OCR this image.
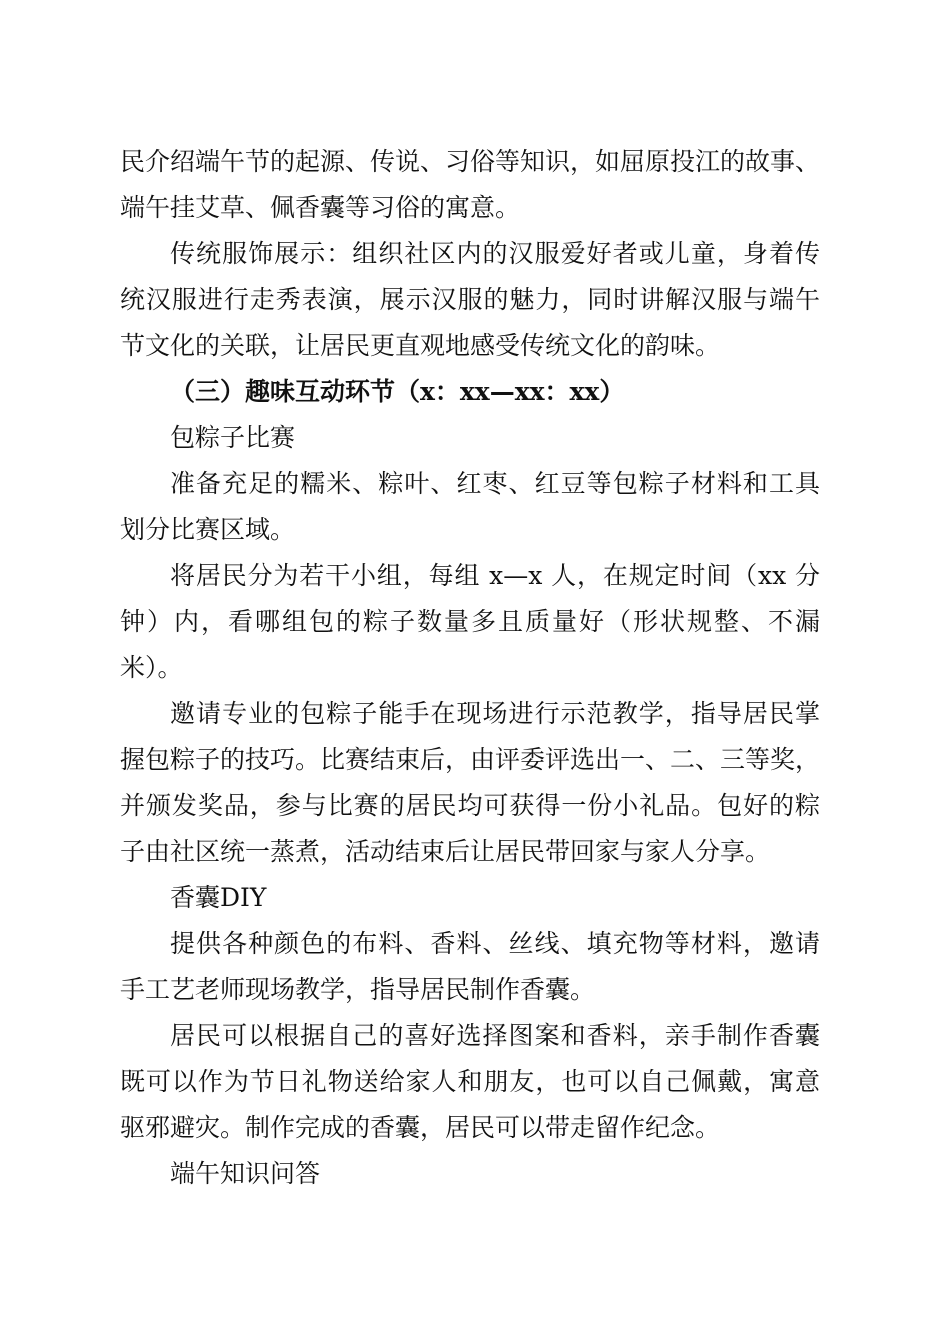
民介绍端午节的起源、传说、习俗等知识，如屈原投江的故事、
端午挂艾草、佩香囊等习俗的寓意。
传统服饰展示：组织社区内的汉服爱好者或儿童，身着传
统汉服进行走秀表演，展示汉服的魅力，同时讲解汉服与端午
节文化的关联，让居民更直观地感受传统文化的韵味。
（三）趣味互动环节（x：xx—xx：xx）
包粽子比赛
准备充足的糯米、粽叶、红枣、红豆等包粽子材料和工具
划分比赛区域。
将居民分为若干小组，每组 x—x 人，在规定时间（xx 分
钟）内，看哪组包的粽子数量多且质量好（形状规整、不漏
米）。
邀请专业的包粽子能手在现场进行示范教学，指导居民掌
握包粽子的技巧。比赛结束后，由评委评选出一、二、三等奖，
并颁发奖品，参与比赛的居民均可获得一份小礼品。包好的粽
子由社区统一蒸煮，活动结束后让居民带回家与家人分享。
香囊DIY
提供各种颜色的布料、香料、丝线、填充物等材料，邀请
手工艺老师现场教学，指导居民制作香囊。
居民可以根据自己的喜好选择图案和香料，亲手制作香囊
既可以作为节日礼物送给家人和朋友，也可以自己佩戴，寓意
驱邪避灾。制作完成的香囊，居民可以带走留作纪念。
端午知识问答
